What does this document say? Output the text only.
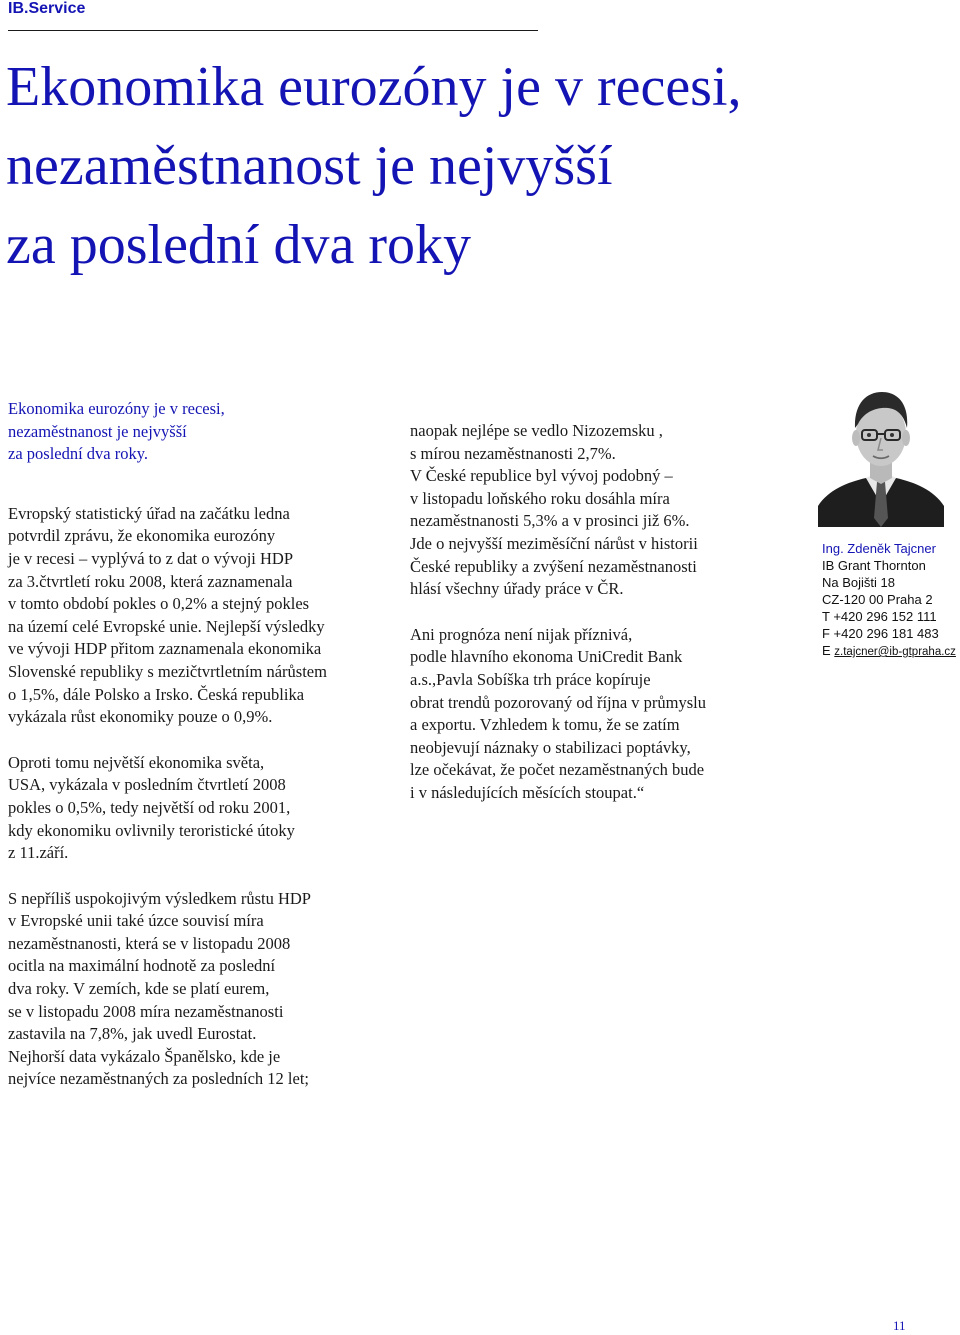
IB.Service
Ekonomika eurozóny je v recesi,
nezaměstnanost je nejvyšší
za poslední dva roky
Ekonomika eurozóny je v recesi,
nezaměstnanost je nejvyšší
za poslední dva roky.
Evropský statistický úřad na začátku ledna
potvrdil zprávu, že ekonomika eurozóny
je v recesi – vyplývá to z dat o vývoji HDP
za 3.čtvrtletí roku 2008, která zaznamenala
v tomto období pokles o 0,2% a stejný pokles
na území celé Evropské unie. Nejlepší výsledky
ve vývoji HDP přitom zaznamenala ekonomika
Slovenské republiky s mezičtvrtletním nárůstem
o 1,5%, dále Polsko a Irsko. Česká republika
vykázala růst ekonomiky pouze o 0,9%.
Oproti tomu největší ekonomika světa,
USA, vykázala v posledním čtvrtletí 2008
pokles o 0,5%, tedy největší od roku 2001,
kdy ekonomiku ovlivnily teroristické útoky
z 11.září.
S nepříliš uspokojivým výsledkem růstu HDP
v Evropské unii také úzce souvisí míra
nezaměstnanosti, která se v listopadu 2008
ocitla na maximální hodnotě za poslední
dva roky. V zemích, kde se platí eurem,
se v listopadu 2008 míra nezaměstnanosti
zastavila na 7,8%, jak uvedl Eurostat.
Nejhorší data vykázalo Španělsko, kde je
nejvíce nezaměstnaných za posledních 12 let;
naopak nejlépe se vedlo Nizozemsku ,
s mírou nezaměstnanosti 2,7%.
V České republice byl vývoj podobný –
v listopadu loňského roku dosáhla míra
nezaměstnanosti 5,3% a v prosinci již 6%.
Jde o nejvyšší meziměsíční nárůst v historii
České republiky a zvýšení nezaměstnanosti
hlásí všechny úřady práce v ČR.
Ani prognóza není nijak příznivá,
podle hlavního ekonoma UniCredit Bank
a.s.,Pavla Sobíška trh práce kopíruje
obrat trendů pozorovaný od října v průmyslu
a exportu. Vzhledem k tomu, že se zatím
neobjevují náznaky o stabilizaci poptávky,
lze očekávat, že počet nezaměstnaných bude
i v následujících měsících stoupat.“
Ing. Zdeněk Tajcner
IB Grant Thornton
Na Bojišti 18
CZ-120 00 Praha 2
T +420 296 152 111
F +420 296 181 483
E z.tajcner@ib-gtpraha.cz
11
